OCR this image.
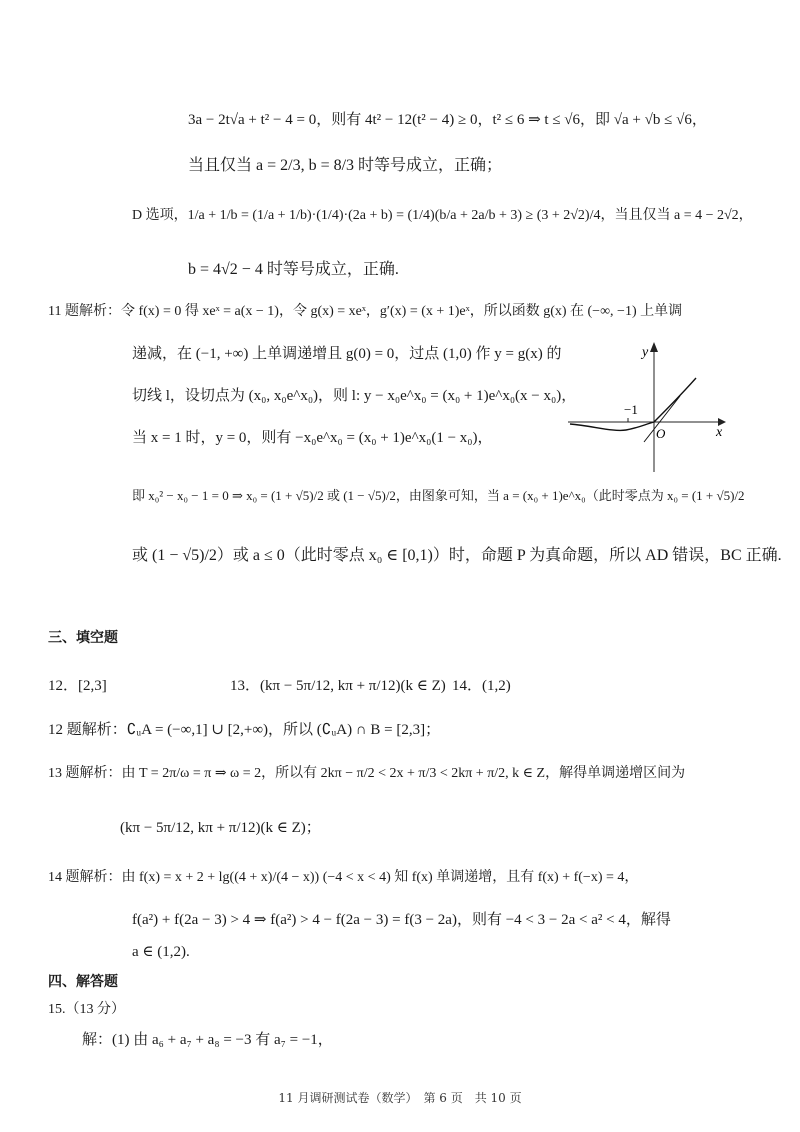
3a − 2t√a + t² − 4 = 0，则有 4t² − 12(t² − 4) ≥ 0，t² ≤ 6 ⇒ t ≤ √6，即 √a + √b ≤ √6，
当且仅当 a = 2/3, b = 8/3 时等号成立，正确；
D 选项，1/a + 1/b = (1/a + 1/b)·(1/4)·(2a + b) = (1/4)(b/a + 2a/b + 3) ≥ (3 + 2√2)/4，当且仅当 a = 4 − 2√2，
b = 4√2 − 4 时等号成立，正确.
11 题解析：令 f(x) = 0 得 xeˣ = a(x − 1)，令 g(x) = xeˣ，g′(x) = (x + 1)eˣ，所以函数 g(x) 在 (−∞, −1) 上单调
递减，在 (−1, +∞) 上单调递增且 g(0) = 0，过点 (1,0) 作 y = g(x) 的
切线 l，设切点为 (x₀, x₀e^x₀)，则 l: y − x₀e^x₀ = (x₀ + 1)e^x₀(x − x₀)，
当 x = 1 时，y = 0，则有 −x₀e^x₀ = (x₀ + 1)e^x₀(1 − x₀)，
即 x₀² − x₀ − 1 = 0 ⇒ x₀ = (1 + √5)/2 或 (1 − √5)/2，由图象可知，当 a = (x₀ + 1)e^x₀（此时零点为 x₀ = (1 + √5)/2
或 (1 − √5)/2）或 a ≤ 0（此时零点 x₀ ∈ [0,1)）时，命题 P 为真命题，所以 AD 错误，BC 正确.
y
x
−1
O
三、填空题
12．[2,3]	13．(kπ − 5π/12, kπ + π/12)(k ∈ Z) 14．(1,2)
12 题解析：∁ᵤA = (−∞,1] ∪ [2,+∞)，所以 (∁ᵤA) ∩ B = [2,3]；
13 题解析：由 T = 2π/ω = π ⇒ ω = 2，所以有 2kπ − π/2 < 2x + π/3 < 2kπ + π/2, k ∈ Z，解得单调递增区间为
(kπ − 5π/12, kπ + π/12)(k ∈ Z)；
14 题解析：由 f(x) = x + 2 + lg((4 + x)/(4 − x)) (−4 < x < 4) 知 f(x) 单调递增，且有 f(x) + f(−x) = 4，
f(a²) + f(2a − 3) > 4 ⇒ f(a²) > 4 − f(2a − 3) = f(3 − 2a)，则有 −4 < 3 − 2a < a² < 4，解得
a ∈ (1,2).
四、解答题
15.（13 分）
解：(1) 由 a₆ + a₇ + a₈ = −3 有 a₇ = −1，
11 月调研测试卷（数学）　第 6 页　共 10 页
